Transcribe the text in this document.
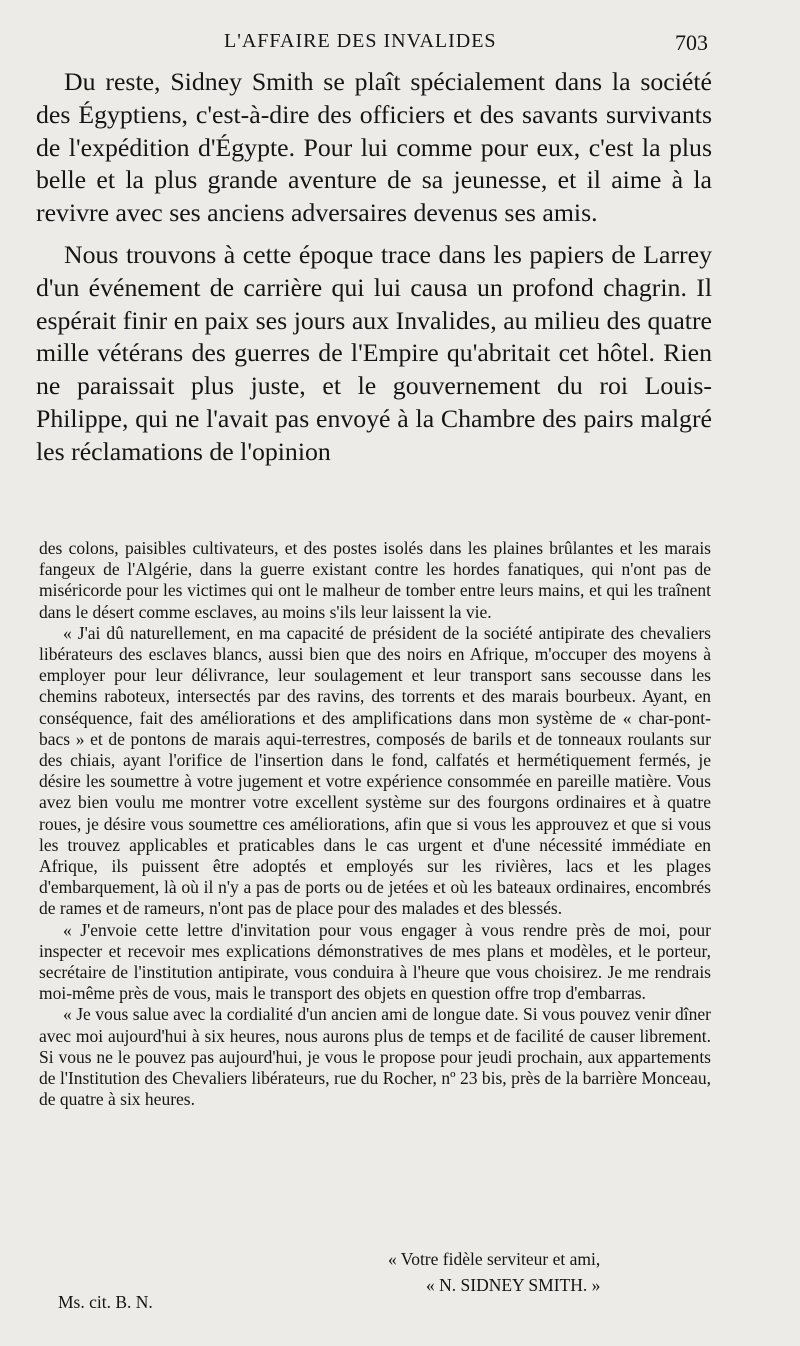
L'AFFAIRE DES INVALIDES	703

Du reste, Sidney Smith se plaît spécialement dans la société des Égyptiens, c'est-à-dire des officiers et des savants survivants de l'expédition d'Égypte. Pour lui comme pour eux, c'est la plus belle et la plus grande aventure de sa jeunesse, et il aime à la revivre avec ses anciens adversaires devenus ses amis.

Nous trouvons à cette époque trace dans les papiers de Larrey d'un événement de carrière qui lui causa un profond chagrin. Il espérait finir en paix ses jours aux Invalides, au milieu des quatre mille vétérans des guerres de l'Empire qu'abritait cet hôtel. Rien ne paraissait plus juste, et le gouvernement du roi Louis-Philippe, qui ne l'avait pas envoyé à la Chambre des pairs malgré les réclamations de l'opinion

des colons, paisibles cultivateurs, et des postes isolés dans les plaines brûlantes et les marais fangeux de l'Algérie, dans la guerre existant contre les hordes fanatiques, qui n'ont pas de miséricorde pour les victimes qui ont le malheur de tomber entre leurs mains, et qui les traînent dans le désert comme esclaves, au moins s'ils leur laissent la vie.

« J'ai dû naturellement, en ma capacité de président de la société antipirate des chevaliers libérateurs des esclaves blancs, aussi bien que des noirs en Afrique, m'occuper des moyens à employer pour leur délivrance, leur soulagement et leur transport sans secousse dans les chemins raboteux, intersectés par des ravins, des torrents et des marais bourbeux. Ayant, en conséquence, fait des améliorations et des amplifications dans mon système de « char-pont-bacs » et de pontons de marais aqui-terrestres, composés de barils et de tonneaux roulants sur des chiais, ayant l'orifice de l'insertion dans le fond, calfatés et hermétiquement fermés, je désire les soumettre à votre jugement et votre expérience consommée en pareille matière. Vous avez bien voulu me montrer votre excellent système sur des fourgons ordinaires et à quatre roues, je désire vous soumettre ces améliorations, afin que si vous les approuvez et que si vous les trouvez applicables et praticables dans le cas urgent et d'une nécessité immédiate en Afrique, ils puissent être adoptés et employés sur les rivières, lacs et les plages d'embarquement, là où il n'y a pas de ports ou de jetées et où les bateaux ordinaires, encombrés de rames et de rameurs, n'ont pas de place pour des malades et des blessés.

« J'envoie cette lettre d'invitation pour vous engager à vous rendre près de moi, pour inspecter et recevoir mes explications démonstratives de mes plans et modèles, et le porteur, secrétaire de l'institution antipirate, vous conduira à l'heure que vous choisirez. Je me rendrais moi-même près de vous, mais le transport des objets en question offre trop d'embarras.

« Je vous salue avec la cordialité d'un ancien ami de longue date. Si vous pouvez venir dîner avec moi aujourd'hui à six heures, nous aurons plus de temps et de facilité de causer librement. Si vous ne le pouvez pas aujourd'hui, je vous le propose pour jeudi prochain, aux appartements de l'Institution des Chevaliers libérateurs, rue du Rocher, nº 23 bis, près de la barrière Monceau, de quatre à six heures.

« Votre fidèle serviteur et ami,
« N. SIDNEY SMITH. »
Ms. cit. B. N.
